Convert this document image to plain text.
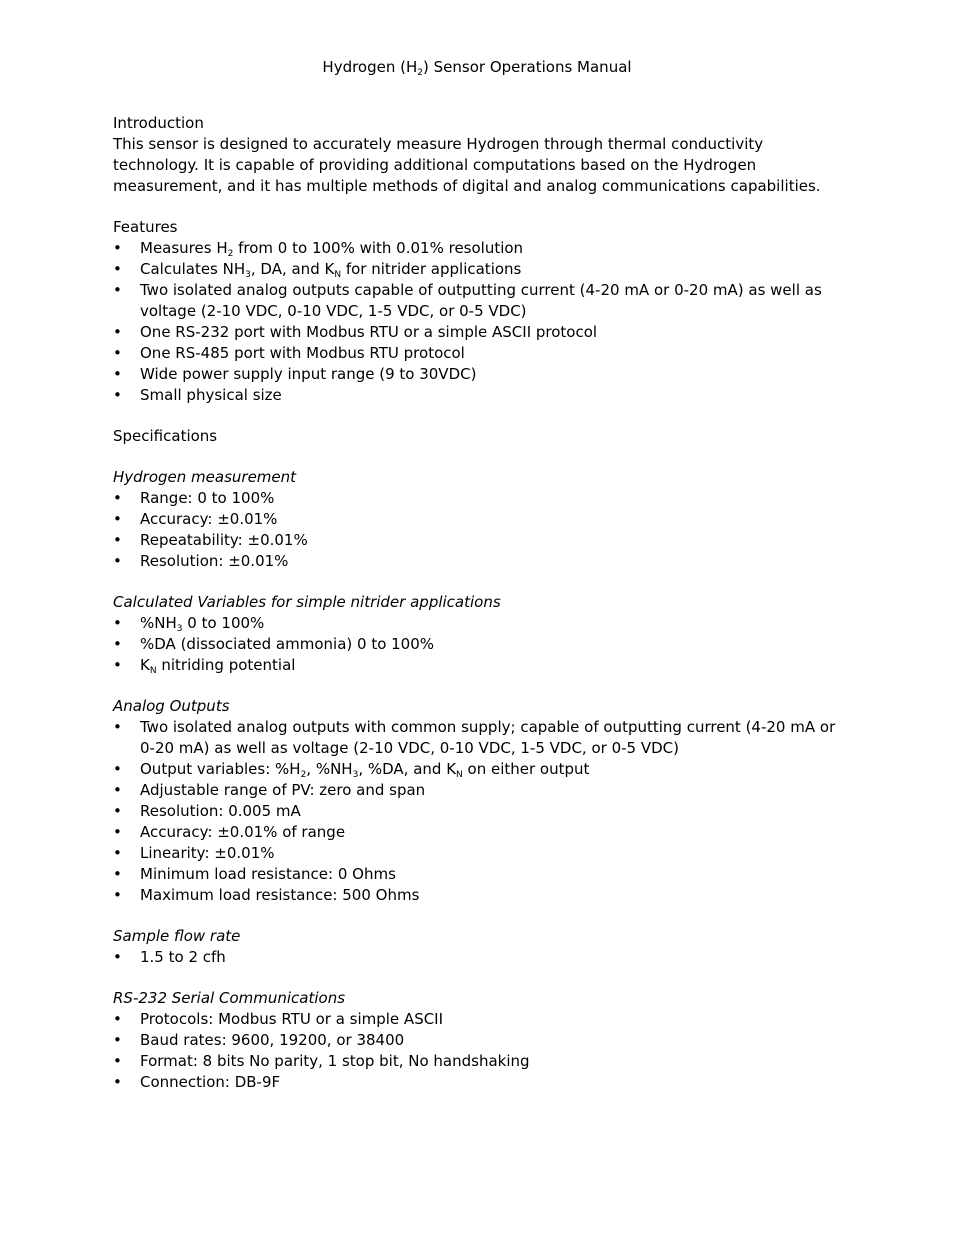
Hydrogen $(H_2)$ Sensor Operations Manual
Introduction

This sensor is designed to accurately measure Hydrogen through thermal conductivity technology. It is capable of providing additional computations based on the Hydrogen measurement, and it has multiple methods of digital and analog communications capabilities.

Features
• Measures $H_2$ from 0 to 100% with 0.01% resolution
• Calculates $NH_3$, DA, and $K_N$ for nitrider applications
• Two isolated analog outputs capable of outputting current (4-20 mA or 0-20 mA) as well as voltage (2-10 VDC, 0-10 VDC, 1-5 VDC, or 0-5 VDC)
• One RS-232 port with Modbus RTU or a simple ASCII protocol
• One RS-485 port with Modbus RTU protocol
• Wide power supply input range (9 to 30VDC)
• Small physical size
Specifications

Hydrogen measurement

• Range: 0 to 100%
• Accuracy: ±0.01%
• Repeatability: ±0.01%
• Resolution: ±0.01%

Calculated Variables for simple nitrider applications

• $\%NH_3$ 0 to 100%
• %DA (dissociated ammonia) 0 to 100%
• $K_N$ nitriding potential

Analog Outputs

• Two isolated analog outputs with common supply; capable of outputting current (4-20 mA or 0-20 mA) as well as voltage (2-10 VDC, 0-10 VDC, 1-5 VDC, or 0-5 VDC)
• Output variables: $\%H_2$, $\%NH_3$, %DA, and $K_N$ on either output
• Adjustable range of PV: zero and span
• Resolution: 0.005 mA
• Accuracy: ±0.01% of range
• Linearity: ±0.01%
• Minimum load resistance: 0 Ohms
• Maximum load resistance: 500 Ohms

Sample flow rate

• 1.5 to 2 cfh

RS-232 Serial Communications

• Protocols: Modbus RTU or a simple ASCII
• Baud rates: 9600, 19200, or 38400
• Format: 8 bits No parity, 1 stop bit, No handshaking
• Connection: DB-9F
